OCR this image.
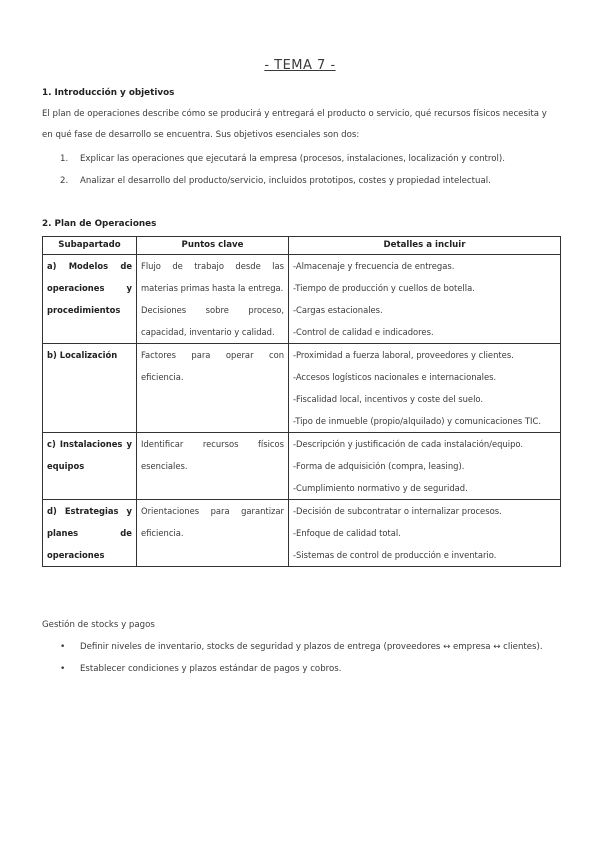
- TEMA 7 -
1. Introducción y objetivos
El plan de operaciones describe cómo se producirá y entregará el producto o servicio, qué recursos físicos necesita y
en qué fase de desarrollo se encuentra. Sus objetivos esenciales son dos:
1. Explicar las operaciones que ejecutará la empresa (procesos, instalaciones, localización y control).
2. Analizar el desarrollo del producto/servicio, incluidos prototipos, costes y propiedad intelectual.
2. Plan de Operaciones
Subapartado	Puntos clave	Detalles a incluir
a) Modelos de operaciones y procedimientos	Flujo de trabajo desde las materias primas hasta la entrega.
Decisiones sobre proceso, capacidad, inventario y calidad.	-Almacenaje y frecuencia de entregas.
-Tiempo de producción y cuellos de botella.
-Cargas estacionales.
-Control de calidad e indicadores.

b) Localización	Factores para operar con eficiencia.	-Proximidad a fuerza laboral, proveedores y clientes.
-Accesos logísticos nacionales e internacionales.
-Fiscalidad local, incentivos y coste del suelo.
-Tipo de inmueble (propio/alquilado) y comunicaciones TIC.

c) Instalaciones y equipos	Identificar recursos físicos esenciales.	-Descripción y justificación de cada instalación/equipo.
-Forma de adquisición (compra, leasing).
-Cumplimiento normativo y de seguridad.

d) Estrategias y planes de operaciones	Orientaciones para garantizar eficiencia.	-Decisión de subcontratar o internalizar procesos.
-Enfoque de calidad total.
-Sistemas de control de producción e inventario.
Gestión de stocks y pagos
• Definir niveles de inventario, stocks de seguridad y plazos de entrega (proveedores ↔ empresa ↔ clientes).
• Establecer condiciones y plazos estándar de pagos y cobros.
